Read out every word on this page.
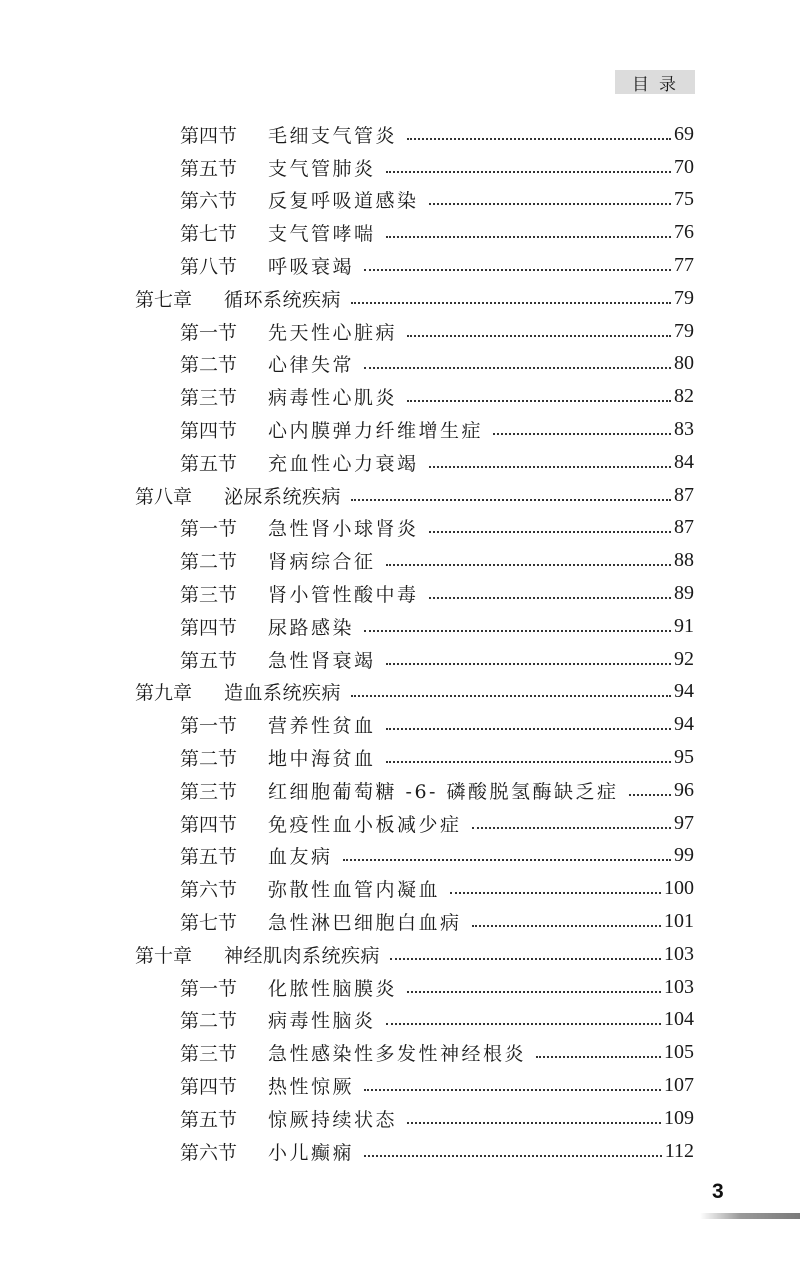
目录
第四节	毛细支气管炎	69
第五节	支气管肺炎	70
第六节	反复呼吸道感染	75
第七节	支气管哮喘	76
第八节	呼吸衰竭	77
第七章	循环系统疾病	79
第一节	先天性心脏病	79
第二节	心律失常	80
第三节	病毒性心肌炎	82
第四节	心内膜弹力纤维增生症	83
第五节	充血性心力衰竭	84
第八章	泌尿系统疾病	87
第一节	急性肾小球肾炎	87
第二节	肾病综合征	88
第三节	肾小管性酸中毒	89
第四节	尿路感染	91
第五节	急性肾衰竭	92
第九章	造血系统疾病	94
第一节	营养性贫血	94
第二节	地中海贫血	95
第三节	红细胞葡萄糖 -6- 磷酸脱氢酶缺乏症	96
第四节	免疫性血小板减少症	97
第五节	血友病	99
第六节	弥散性血管内凝血	100
第七节	急性淋巴细胞白血病	101
第十章	神经肌肉系统疾病	103
第一节	化脓性脑膜炎	103
第二节	病毒性脑炎	104
第三节	急性感染性多发性神经根炎	105
第四节	热性惊厥	107
第五节	惊厥持续状态	109
第六节	小儿癫痫	112
3
